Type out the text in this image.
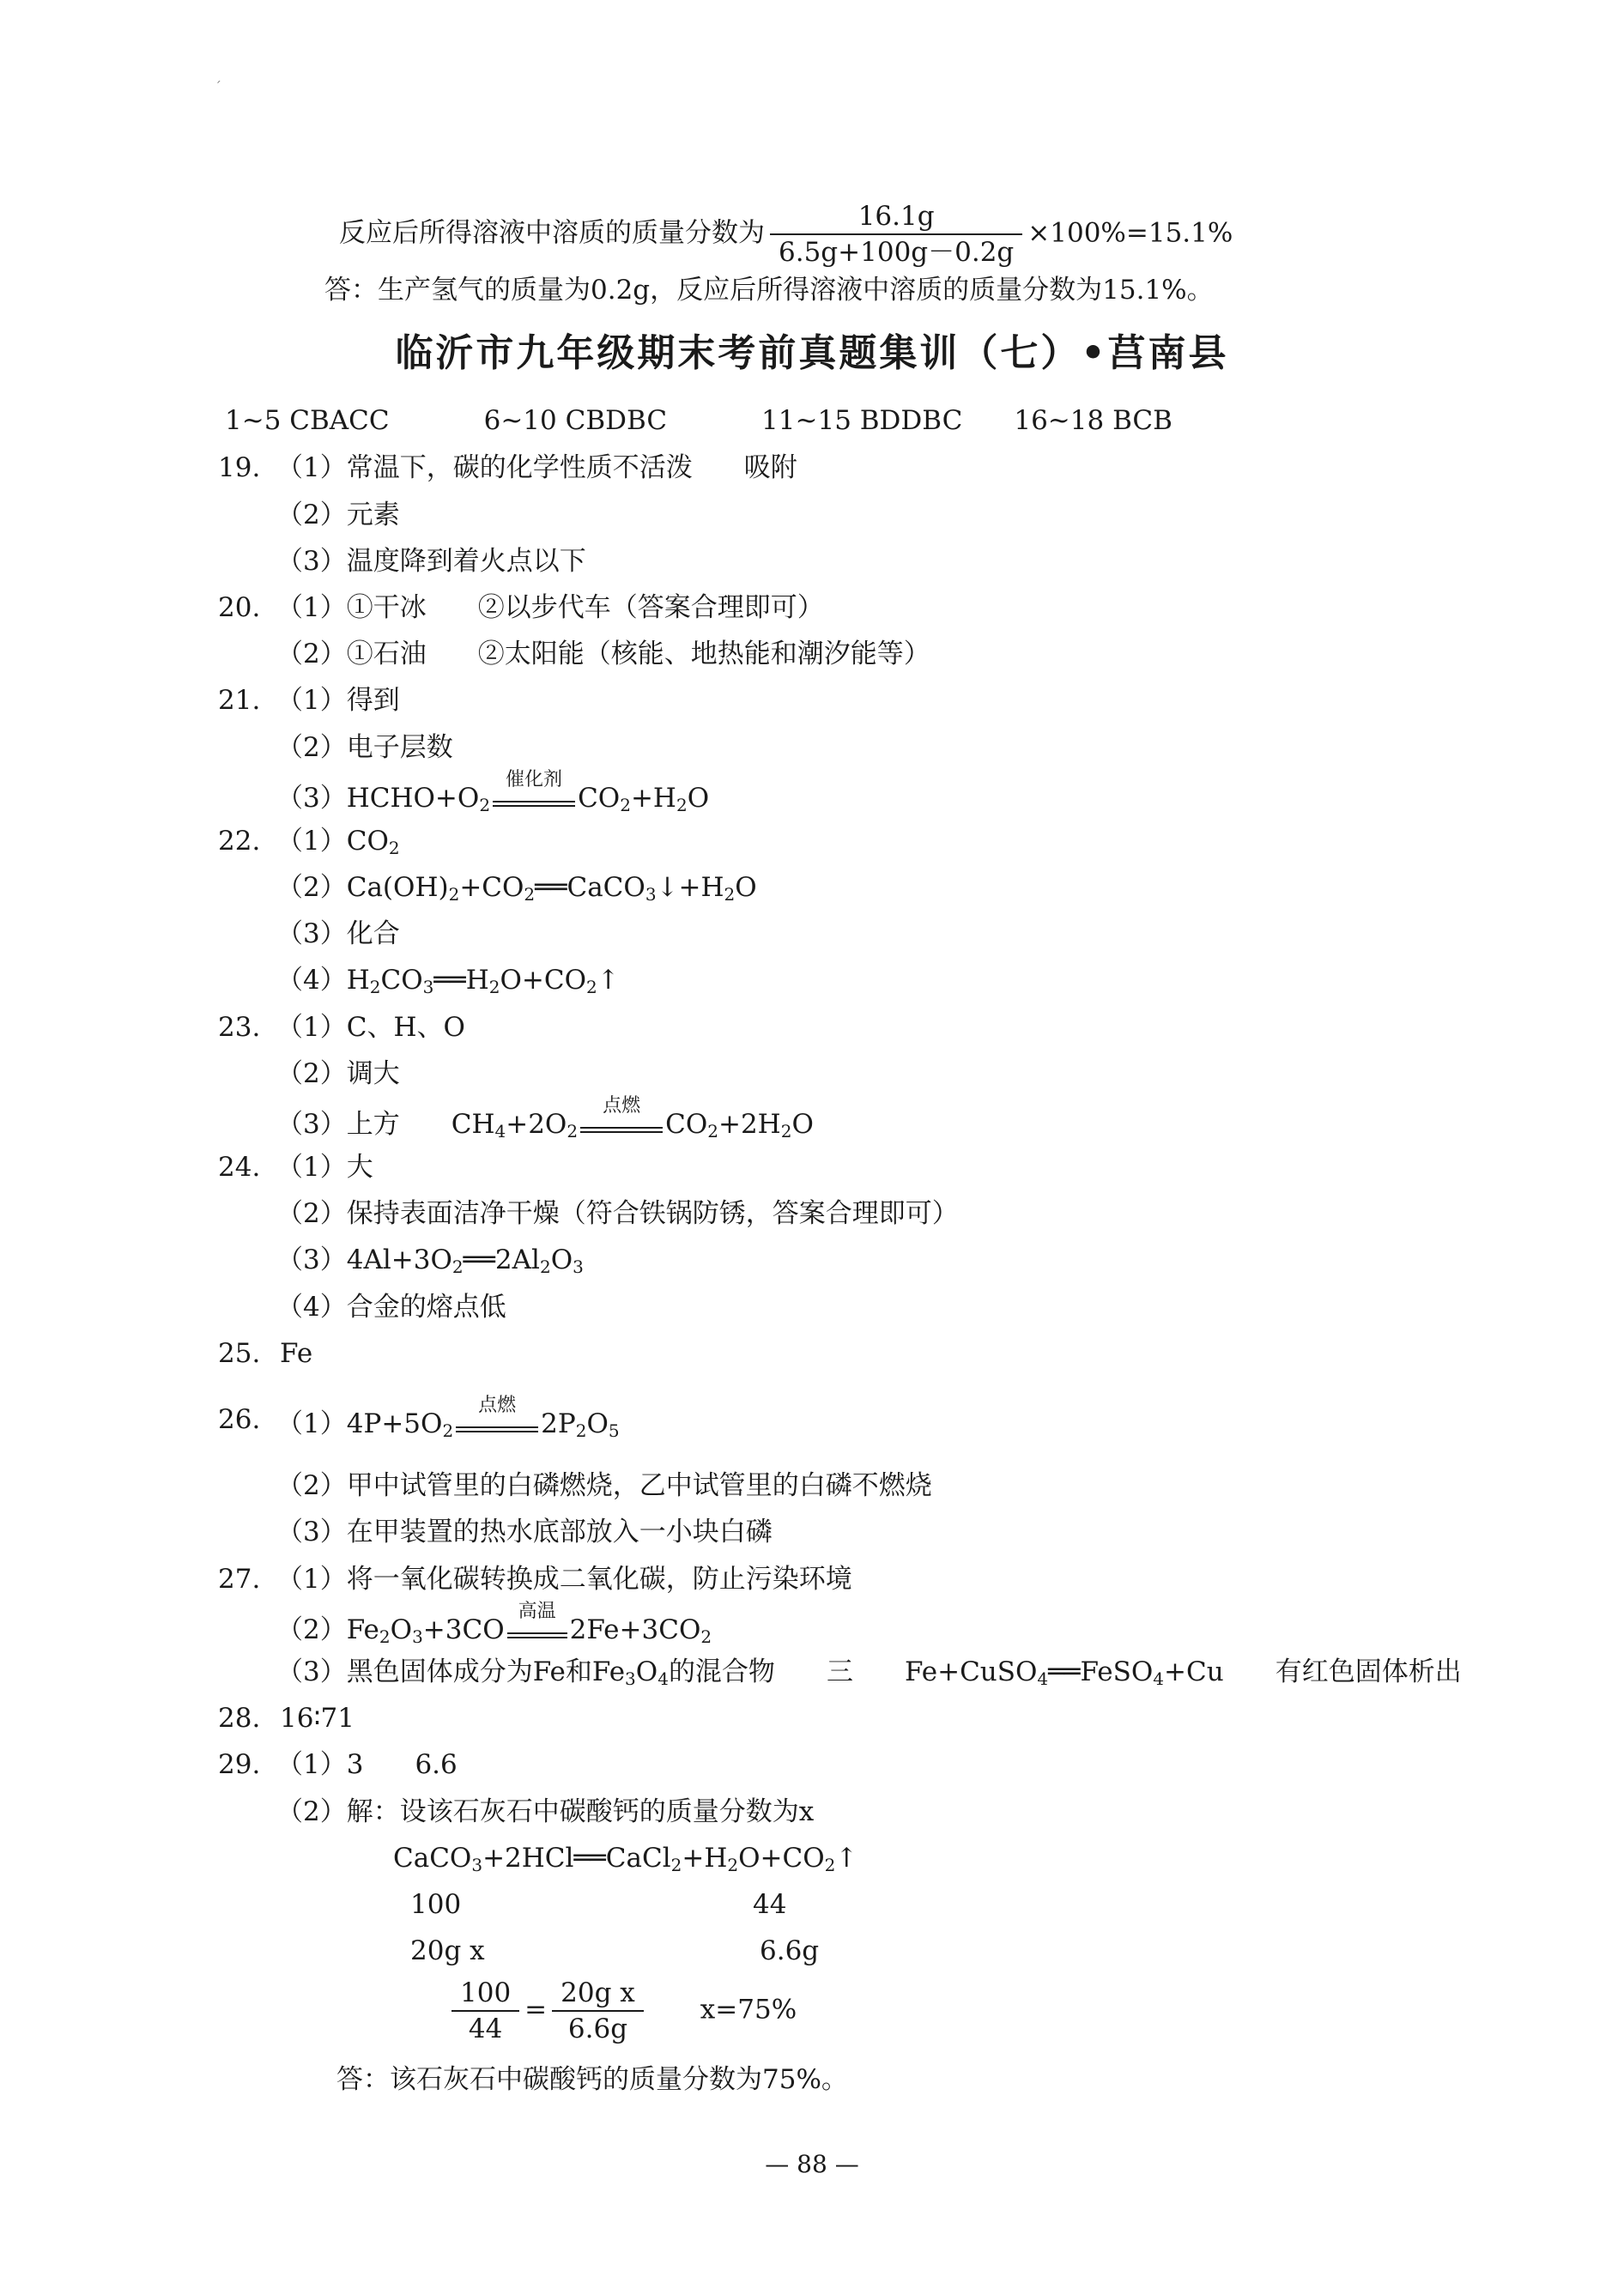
ˊ
反应后所得溶液中溶质的质量分数为 $\frac{16.1g}{6.5g+100g-0.2g} \times 100\%=15.1\%$
答：生产氢气的质量为0.2g，反应后所得溶液中溶质的质量分数为15.1%。
临沂市九年级期末考前真题集训（七）•莒南县
1~5 CBACC	6~10 CBDBC	11~15 BDDBC 16~18 BCB
19. （1）常温下，碳的化学性质不活泼 吸附
（2）元素
（3）温度降到着火点以下
20. （1）①干冰 ②以步代车（答案合理即可）
（2）①石油 ②太阳能（核能、地热能和潮汐能等）
21. （1）得到
（2）电子层数
$(3)HCHO+O_2$
催化剂
$CO_2+H_2O$
22. $(1)CO_2$
$(2)Ca(OH)_2+CO_2══CaCO_3↓+H_2O$
（3）化合
$(4)H_2CO_3══H_2O+CO_2↑$
23. （1）C、H、O
（2）调大
（3）上方 $CH_4+2O_2$
点燃
$CO_2+2H_2O$
24. （1）大
（2）保持表面洁净干燥（符合铁锅防锈，答案合理即可）
$(3)4Al+3O_2══2Al_2O_3$
（4）合金的熔点低
25. Fe
26. $(1)4P+5O_2$
点燃
$2P_2O_5$
（2）甲中试管里的白磷燃烧，乙中试管里的白磷不燃烧
（3）在甲装置的热水底部放入一小块白磷
27. （1）将一氧化碳转换成二氧化碳，防止污染环境
$(2)Fe_2O_3+3CO$
高温
$2Fe+3CO_2$
（3）黑色固体成分为Fe和$Fe_3O_4$的混合物 三 Fe+CuSO$_4$══FeSO$_4$+Cu 有红色固体析出
28. 16∶71
29. （1）3 6.6
（2）解：设该石灰石中碳酸钙的质量分数为x
$CaCO_3+2HCl══CaCl_2+H_2O+CO_2↑$
100	44
20g x	6.6g
$\frac{100}{44} = \frac{\text{20g x}}{6.6g} x=75\%$
答：该石灰石中碳酸钙的质量分数为75%。
— 88 —
